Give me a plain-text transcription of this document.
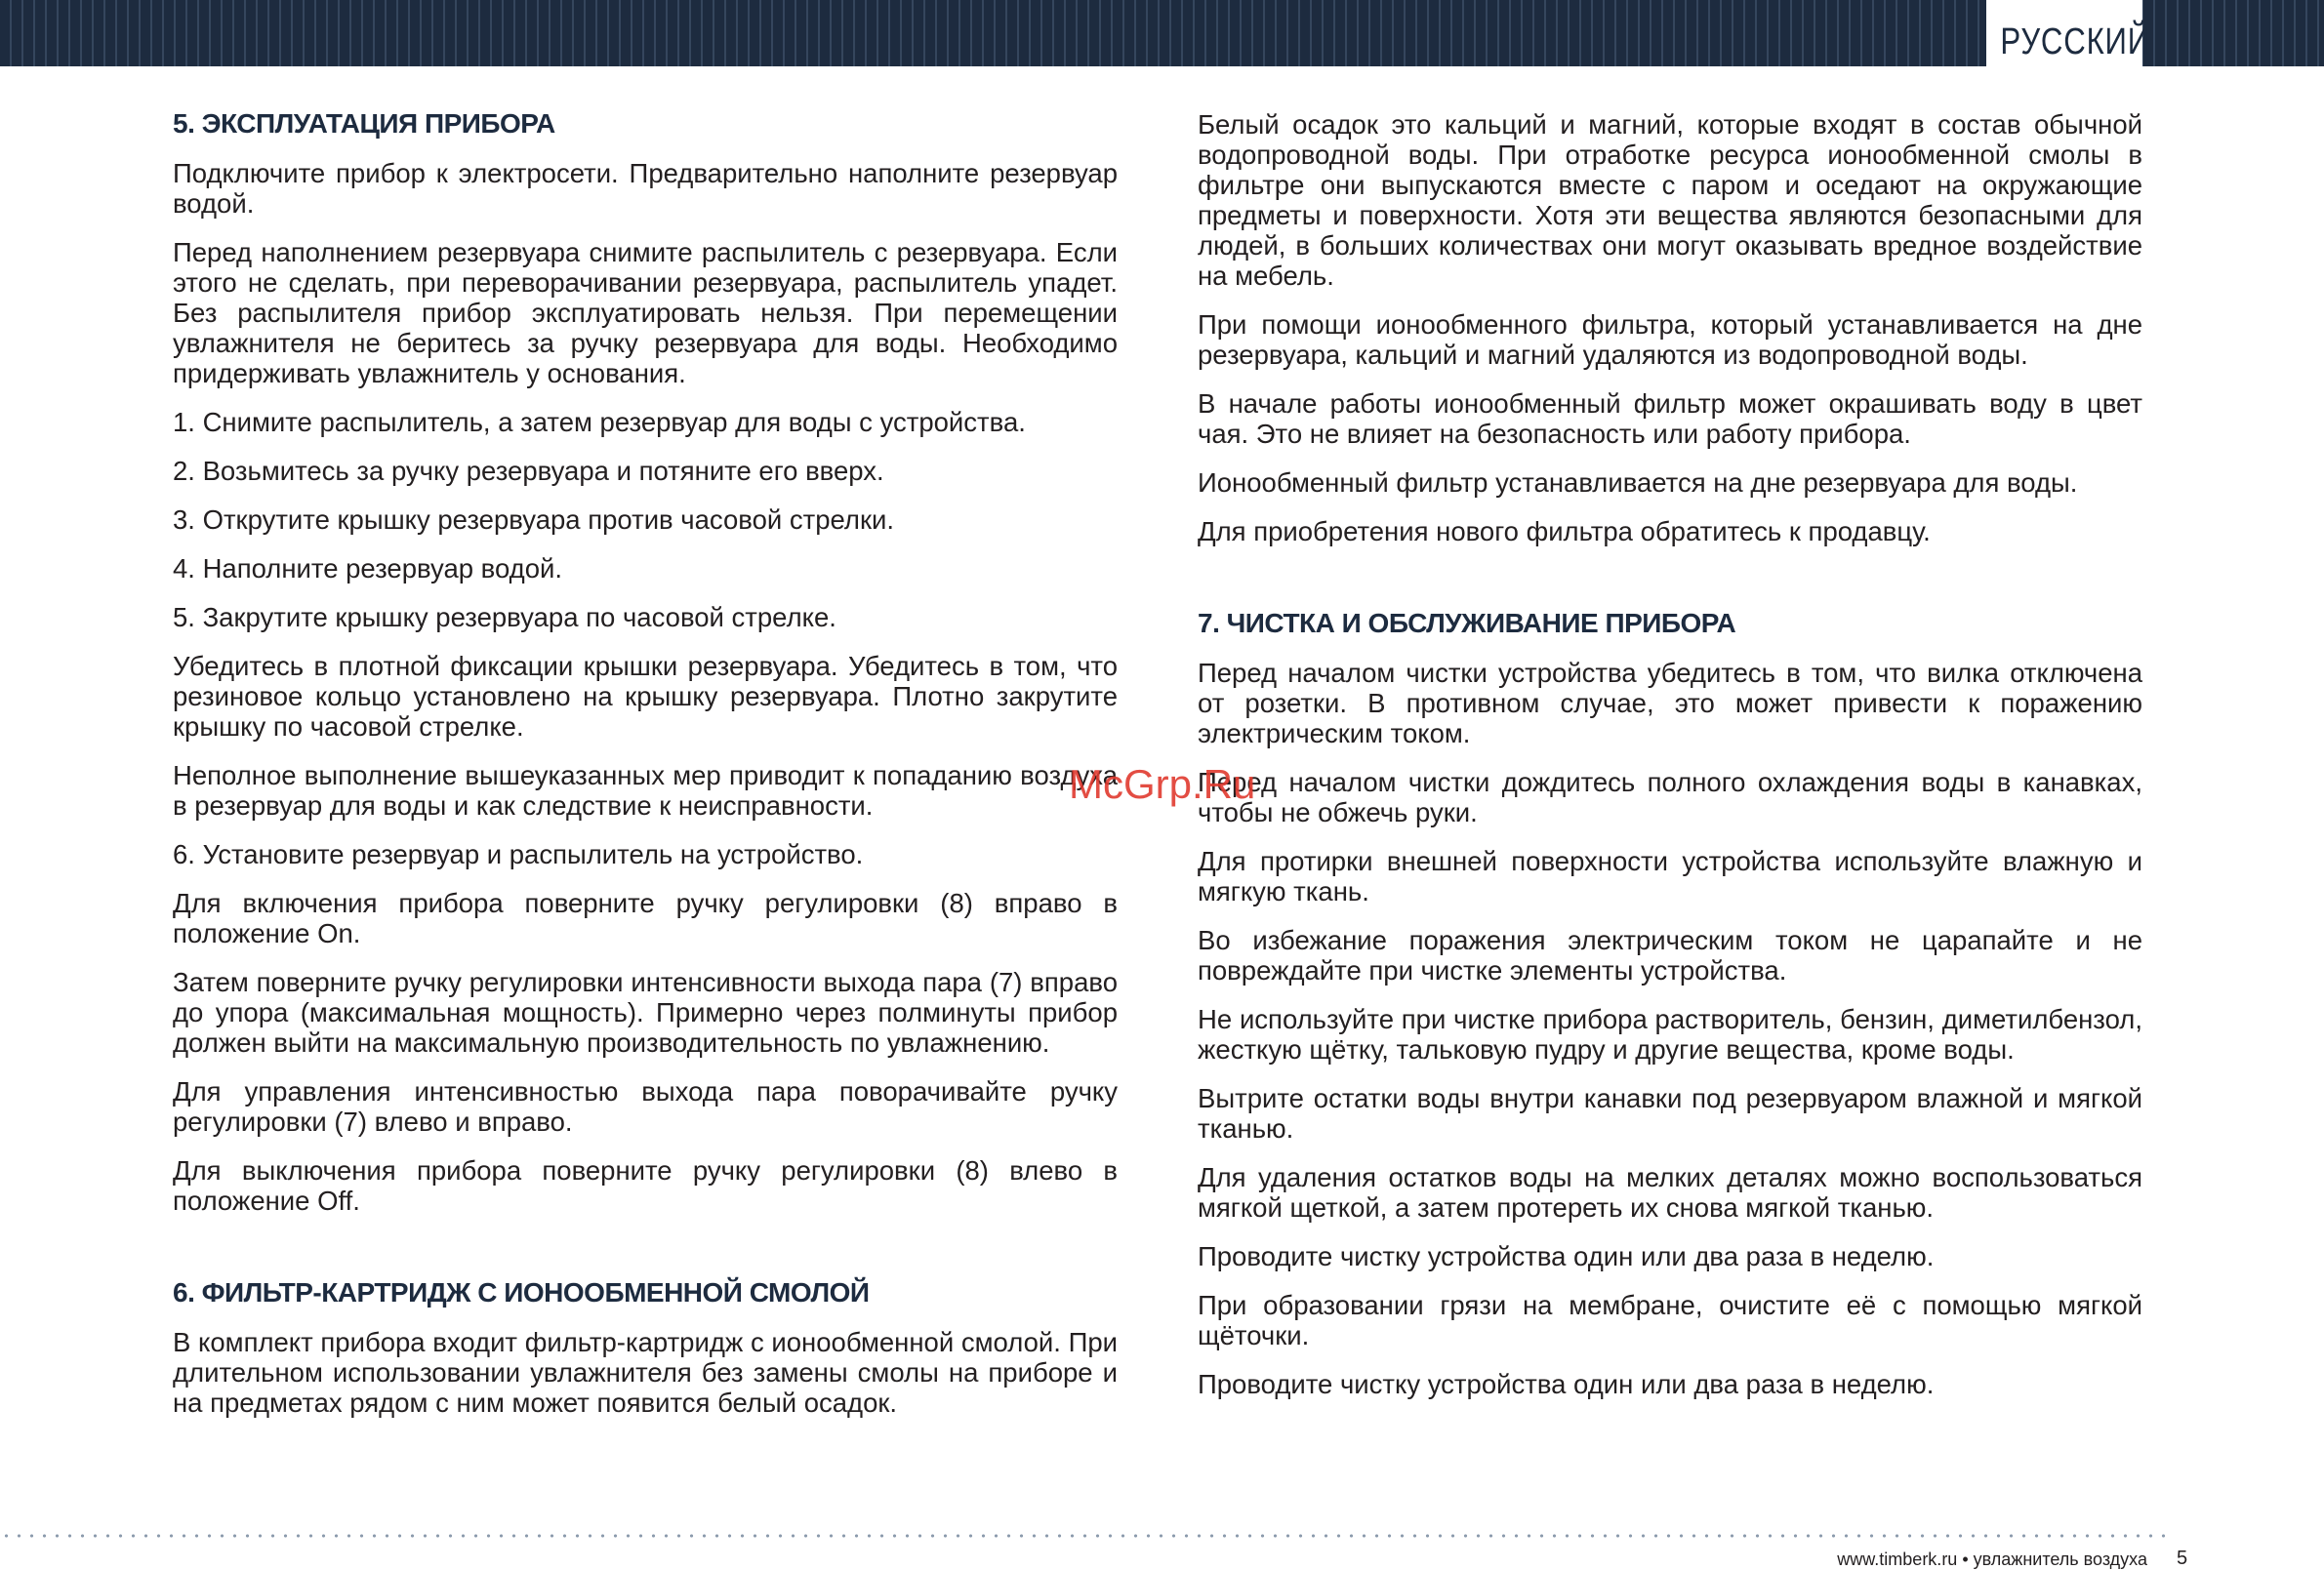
РУССКИЙ
5. ЭКСПЛУАТАЦИЯ ПРИБОРА

Подключите прибор к электросети. Предварительно наполните резервуар водой.

Перед наполнением резервуара снимите распылитель с резервуара. Если этого не сделать, при переворачивании резервуара, распылитель упадет. Без распылителя прибор эксплуатировать нельзя. При перемещении увлажнителя не беритесь за ручку резервуара для воды. Необходимо придерживать увлажнитель у основания.

1. Снимите распылитель, а затем резервуар для воды с устройства.

2. Возьмитесь за ручку резервуара и потяните его вверх.

3. Открутите крышку резервуара против часовой стрелки.

4. Наполните резервуар водой.

5. Закрутите крышку резервуара по часовой стрелке.

Убедитесь в плотной фиксации крышки резервуара. Убедитесь в том, что резиновое кольцо установлено на крышку резервуара. Плотно закрутите крышку по часовой стрелке.

Неполное выполнение вышеуказанных мер приводит к попаданию воздуха в резервуар для воды и как следствие к неисправности.

6. Установите резервуар и распылитель на устройство.

Для включения прибора поверните ручку регулировки (8) вправо в положение On.

Затем поверните ручку регулировки интенсивности выхода пара (7) вправо до упора (максимальная мощность). Примерно через полминуты прибор должен выйти на максимальную производительность по увлажнению.

Для управления интенсивностью выхода пара поворачивайте ручку регулировки (7) влево и вправо.

Для выключения прибора поверните ручку регулировки (8) влево в положение Off.

6. ФИЛЬТР-КАРТРИДЖ С ИОНООБМЕННОЙ СМОЛОЙ

В комплект прибора входит фильтр-картридж с ионообменной смолой. При длительном использовании увлажнителя без замены смолы на приборе и на предметах рядом с ним может появится белый осадок.

Белый осадок это кальций и магний, которые входят в состав обычной водопроводной воды. При отработке ресурса ионообменной смолы в фильтре они выпускаются вместе с паром и оседают на окружающие предметы и поверхности. Хотя эти вещества являются безопасными для людей, в больших количествах они могут оказывать вредное воздействие на мебель.

При помощи ионообменного фильтра, который устанавливается на дне резервуара, кальций и магний удаляются из водопроводной воды.

В начале работы ионообменный фильтр может окрашивать воду в цвет чая. Это не влияет на безопасность или работу прибора.

Ионообменный фильтр устанавливается на дне резервуара для воды.

Для приобретения нового фильтра обратитесь к продавцу.

7. ЧИСТКА И ОБСЛУЖИВАНИЕ ПРИБОРА

Перед началом чистки устройства убедитесь в том, что вилка отключена от розетки. В противном случае, это может привести к поражению электрическим током.

Перед началом чистки дождитесь полного охлаждения воды в канавках, чтобы не обжечь руки.

Для протирки внешней поверхности устройства используйте влажную и мягкую ткань.

Во избежание поражения электрическим током не царапайте и не повреждайте при чистке элементы устройства.

Не используйте при чистке прибора растворитель, бензин, диметилбензол, жесткую щётку, тальковую пудру и другие вещества, кроме воды.

Вытрите остатки воды внутри канавки под резервуаром влажной и мягкой тканью.

Для удаления остатков воды на мелких деталях можно воспользоваться мягкой щеткой, а затем протереть их снова мягкой тканью.

Проводите чистку устройства один или два раза в неделю.

При образовании грязи на мембране, очистите её с помощью мягкой щёточки.

Проводите чистку устройства один или два раза в неделю.

McGrp.Ru
www.timberk.ru • увлажнитель воздуха 5
